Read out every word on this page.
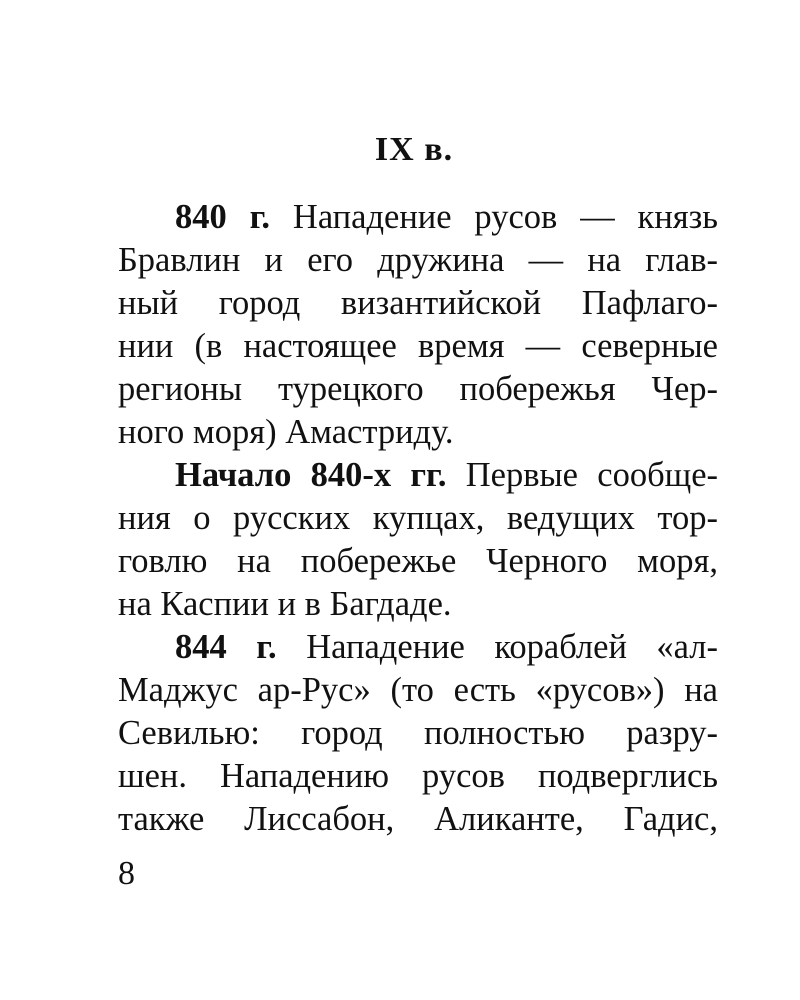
IX в.
840 г. Нападение русов — князь
Бравлин и его дружина — на глав-
ный город византийской Пафлаго-
нии (в настоящее время — северные
регионы турецкого побережья Чер-
ного моря) Амастриду.
Начало 840-х гг. Первые сообще-
ния о русских купцах, ведущих тор-
говлю на побережье Черного моря,
на Каспии и в Багдаде.
844 г. Нападение кораблей «ал-
Маджус ар-Рус» (то есть «русов») на
Севилью: город полностью разру-
шен. Нападению русов подверглись
также Лиссабон, Аликанте, Гадис,
8
